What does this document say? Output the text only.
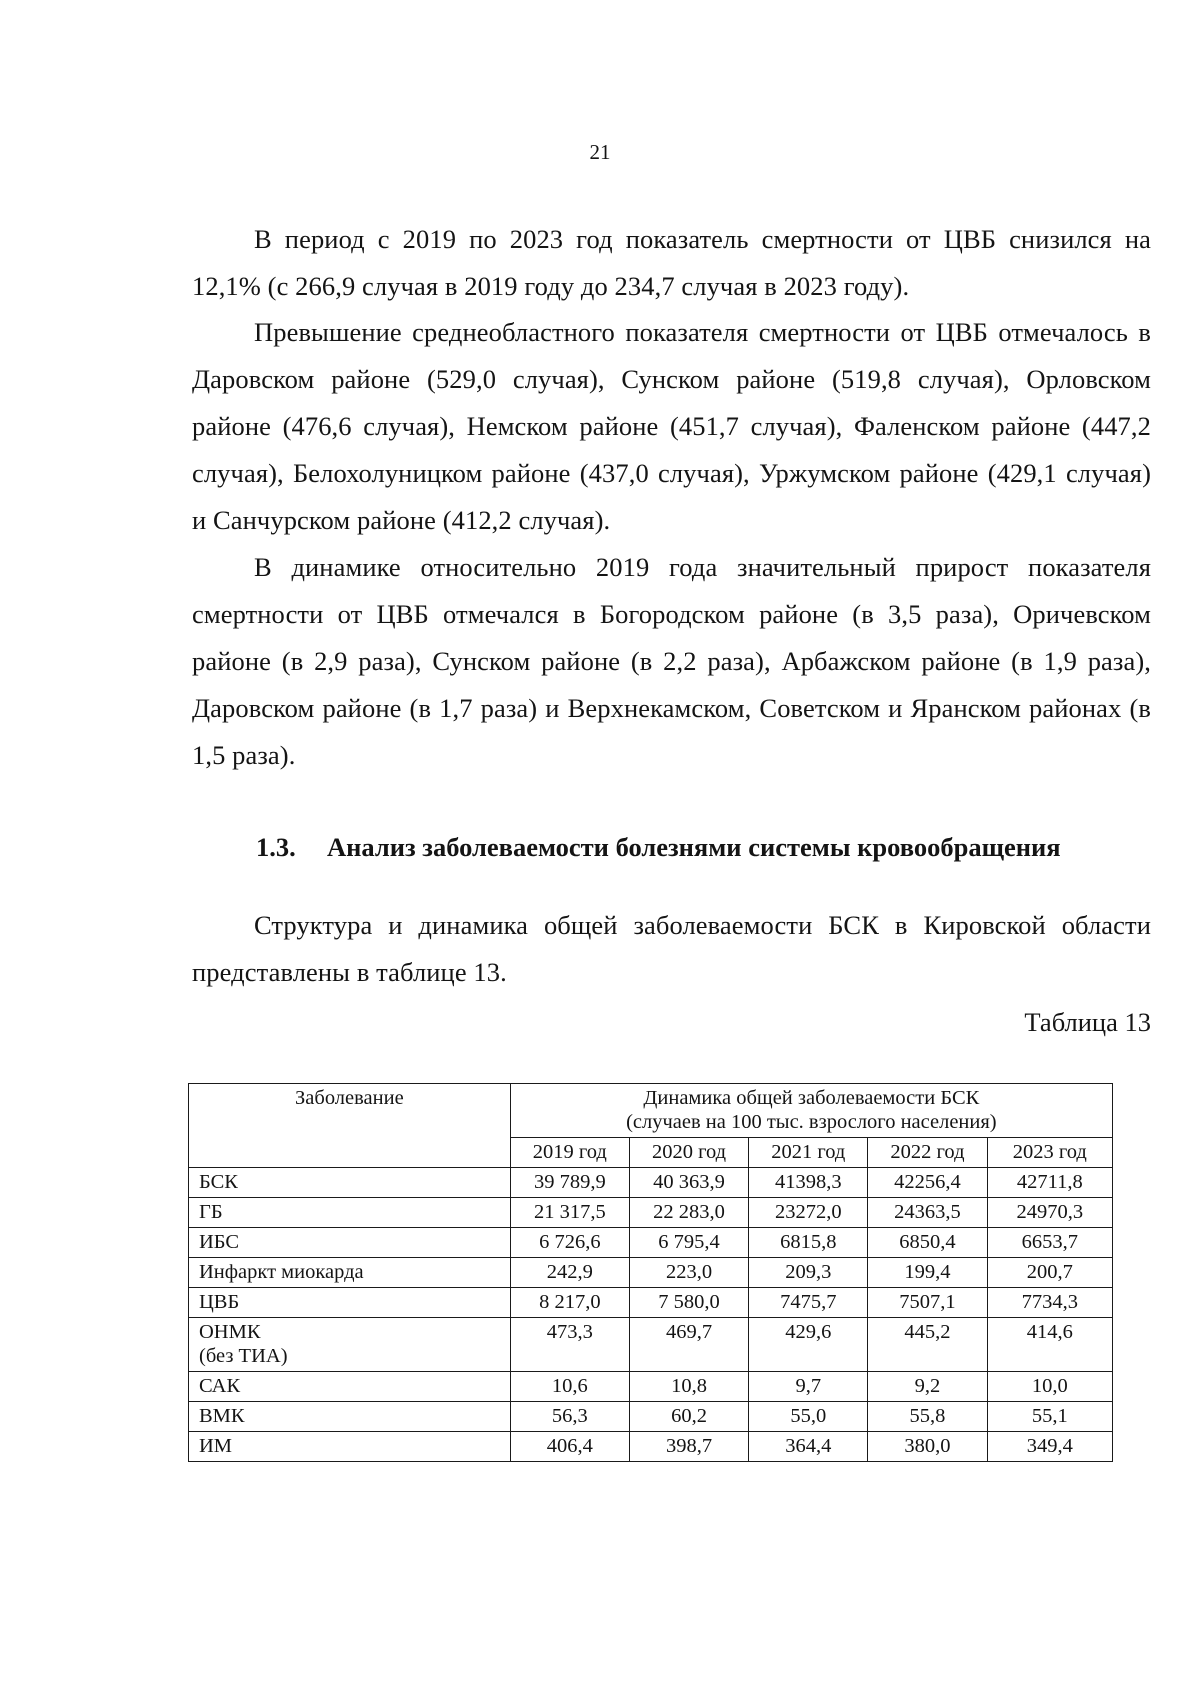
21

В период с 2019 по 2023 год показатель смертности от ЦВБ снизился на 12,1% (с 266,9 случая в 2019 году до 234,7 случая в 2023 году).

Превышение среднеобластного показателя смертности от ЦВБ отмечалось в Даровском районе (529,0 случая), Сунском районе (519,8 случая), Орловском районе (476,6 случая), Немском районе (451,7 случая), Фаленском районе (447,2 случая), Белохолуницком районе (437,0 случая), Уржумском районе (429,1 случая) и Санчурском районе (412,2 случая).

В динамике относительно 2019 года значительный прирост показателя смертности от ЦВБ отмечался в Богородском районе (в 3,5 раза), Оричевском районе (в 2,9 раза), Сунском районе (в 2,2 раза), Арбажском районе (в 1,9 раза), Даровском районе (в 1,7 раза) и Верхнекамском, Советском и Яранском районах (в 1,5 раза).

1.3. Анализ заболеваемости болезнями системы кровообращения

Структура и динамика общей заболеваемости БСК в Кировской области представлены в таблице 13.

Таблица 13
Заболевание	Динамика общей заболеваемости БСК
(случаев на 100 тыс. взрослого населения)				

	2019 год	2020 год	2021 год	2022 год	2023 год

БСК	39 789,9	40 363,9	41398,3	42256,4	42711,8

ГБ	21 317,5	22 283,0	23272,0	24363,5	24970,3

ИБС	6 726,6	6 795,4	6815,8	6850,4	6653,7

Инфаркт миокарда	242,9	223,0	209,3	199,4	200,7

ЦВБ	8 217,0	7 580,0	7475,7	7507,1	7734,3

ОНМК
(без ТИА)	473,3	469,7	429,6	445,2	414,6

САК	10,6	10,8	9,7	9,2	10,0

ВМК	56,3	60,2	55,0	55,8	55,1

ИМ	406,4	398,7	364,4	380,0	349,4
